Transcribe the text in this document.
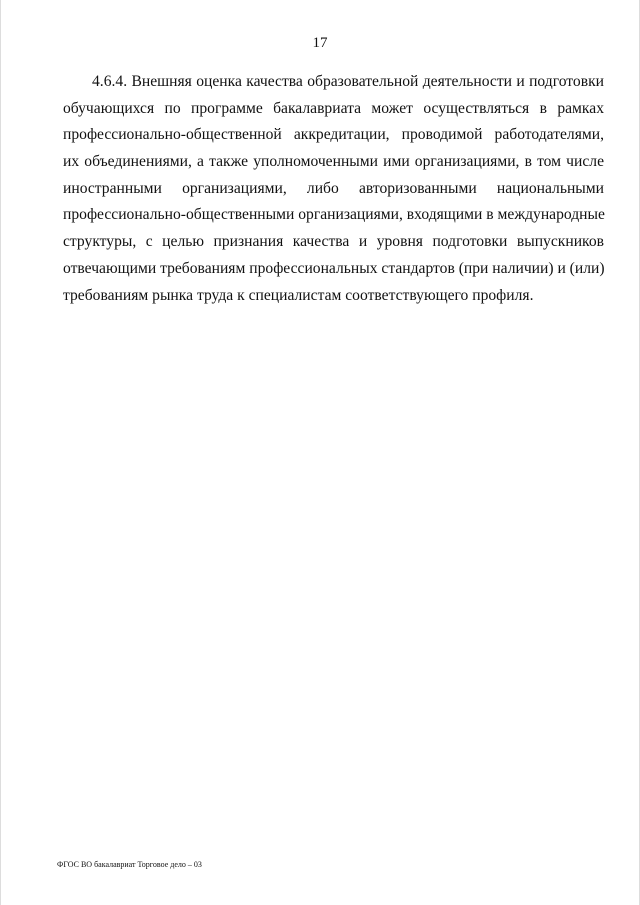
17
4.6.4. Внешняя оценка качества образовательной деятельности и подготовки
обучающихся по программе бакалавриата может осуществляться в рамках
профессионально-общественной аккредитации, проводимой работодателями,
их объединениями, а также уполномоченными ими организациями, в том числе
иностранными организациями, либо авторизованными национальными
профессионально-общественными организациями, входящими в международные
структуры, с целью признания качества и уровня подготовки выпускников
отвечающими требованиям профессиональных стандартов (при наличии) и (или)
требованиям рынка труда к специалистам соответствующего профиля.
ФГОС ВО бакалавриат Торговое дело – 03
